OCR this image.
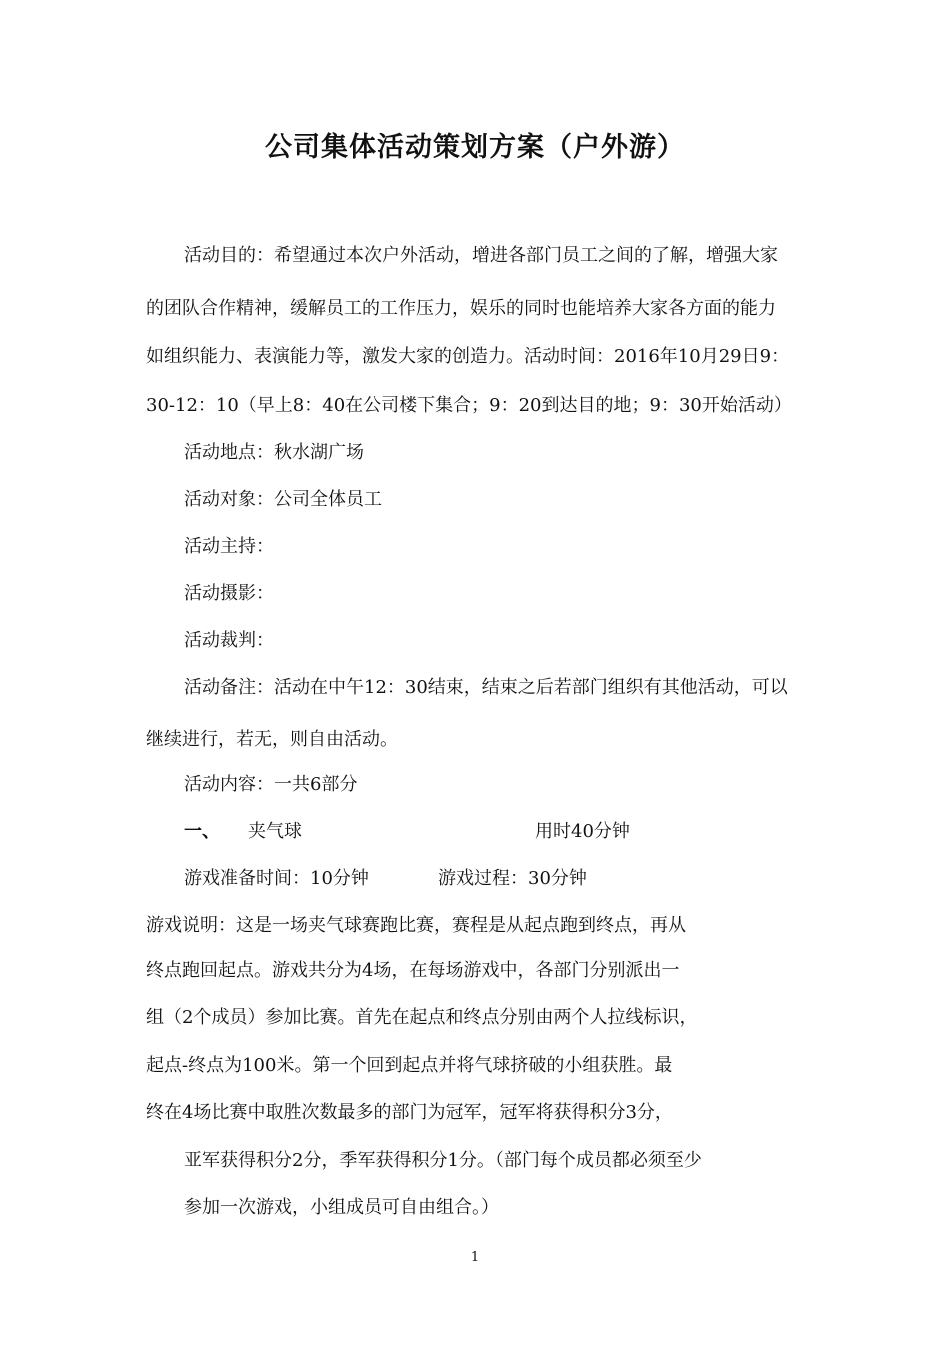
公司集体活动策划方案（户外游）
活动目的：希望通过本次户外活动，增进各部门员工之间的了解，增强大家
的团队合作精神，缓解员工的工作压力，娱乐的同时也能培养大家各方面的能力
如组织能力、表演能力等，激发大家的创造力。活动时间：2016年10月29日9：
30-12：10（早上8：40在公司楼下集合；9：20到达目的地；9：30开始活动）
活动地点：秋水湖广场
活动对象：公司全体员工
活动主持：
活动摄影：
活动裁判：
活动备注：活动在中午12：30结束，结束之后若部门组织有其他活动，可以
继续进行，若无，则自由活动。
活动内容：一共6部分
一、 夹气球	用时40分钟
游戏准备时间：10分钟	游戏过程：30分钟
游戏说明：这是一场夹气球赛跑比赛，赛程是从起点跑到终点，再从
终点跑回起点。游戏共分为4场，在每场游戏中，各部门分别派出一
组（2个成员）参加比赛。首先在起点和终点分别由两个人拉线标识，
起点-终点为100米。第一个回到起点并将气球挤破的小组获胜。最
终在4场比赛中取胜次数最多的部门为冠军，冠军将获得积分3分，
亚军获得积分2分，季军获得积分1分。（部门每个成员都必须至少
参加一次游戏，小组成员可自由组合。）
1
